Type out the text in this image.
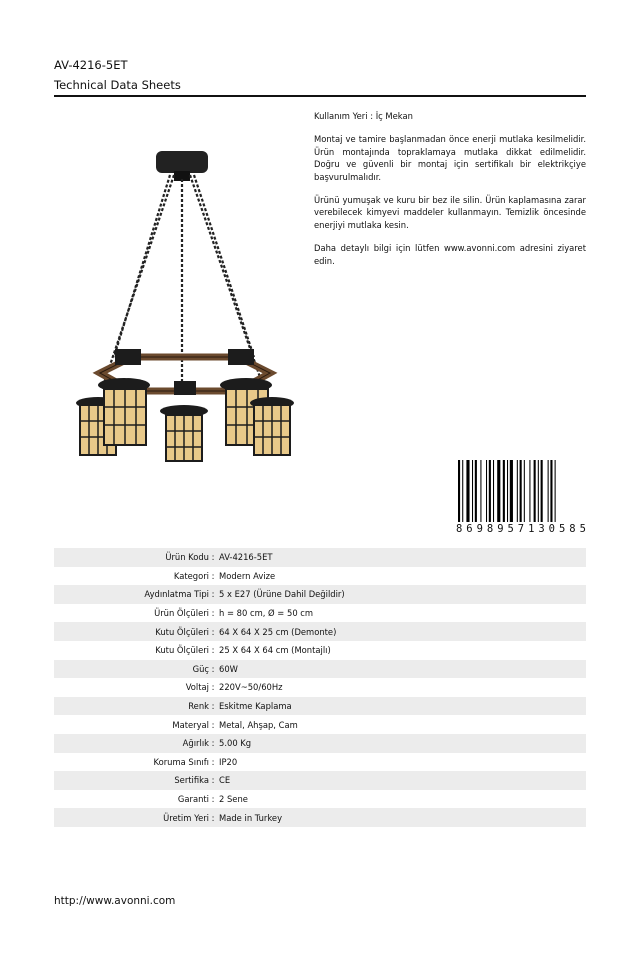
AV-4216-5ET
Technical Data Sheets

Kullanım Yeri : İç Mekan

Montaj ve tamire başlanmadan önce enerji mutlaka kesilmelidir. Ürün montajında topraklamaya mutlaka dikkat edilmelidir. Doğru ve güvenli bir montaj için sertifikalı bir elektrikçiye başvurulmalıdır.

Ürünü yumuşak ve kuru bir bez ile silin. Ürün kaplamasına zarar verebilecek kimyevi maddeler kullanmayın. Temizlik öncesinde enerjiyi mutlaka kesin.

Daha detaylı bilgi için lütfen www.avonni.com adresini ziyaret edin.

8 6 9 8 9 5 7 1 3 0 5 8 5
Ürün Kodu : AV-4216-5ET
Kategori : Modern Avize
Aydınlatma Tipi : 5 x E27 (Ürüne Dahil Değildir)
Ürün Ölçüleri : h = 80 cm, Ø = 50 cm
Kutu Ölçüleri : 64 X 64 X 25 cm (Demonte)
Kutu Ölçüleri : 25 X 64 X 64 cm (Montajlı)
Güç : 60W
Voltaj : 220V~50/60Hz
Renk : Eskitme Kaplama
Materyal : Metal, Ahşap, Cam
Ağırlık : 5.00 Kg
Koruma Sınıfı : IP20
Sertifika : CE
Garanti : 2 Sene
Üretim Yeri : Made in Turkey
http://www.avonni.com
